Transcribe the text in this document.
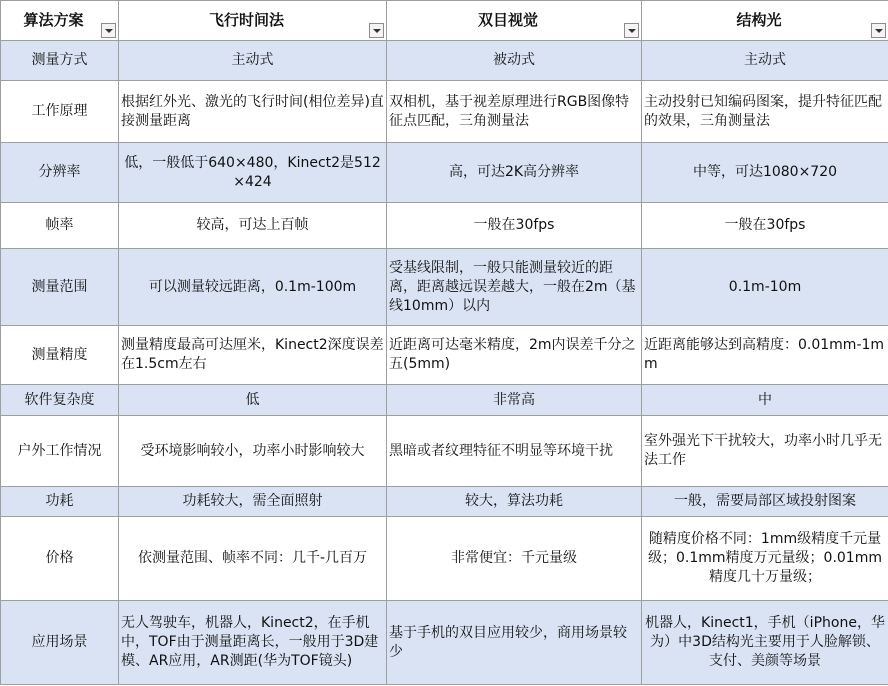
算法方案	飞行时间法	双目视觉	结构光

测量方式	主动式	被动式	主动式
工作原理	根据红外光、激光的飞行时间(相位差异)直接测量距离	双相机，基于视差原理进行RGB图像特征点匹配，三角测量法	主动投射已知编码图案，提升特征匹配的效果，三角测量法
分辨率	低，一般低于640×480，Kinect2是512×424	高，可达2K高分辨率	中等，可达1080×720
帧率	较高，可达上百帧	一般在30fps	一般在30fps
测量范围	可以测量较远距离，0.1m-100m	受基线限制，一般只能测量较近的距离，距离越远误差越大，一般在2m（基线10mm）以内	0.1m-10m
测量精度	测量精度最高可达厘米，Kinect2深度误差在1.5cm左右	近距离可达毫米精度，2m内误差千分之五(5mm)	近距离能够达到高精度：0.01mm-1mm
软件复杂度	低	非常高	中
户外工作情况	受环境影响较小，功率小时影响较大	黑暗或者纹理特征不明显等环境干扰	室外强光下干扰较大，功率小时几乎无法工作
功耗	功耗较大，需全面照射	较大，算法功耗	一般，需要局部区域投射图案
价格	依测量范围、帧率不同：几千-几百万	非常便宜：千元量级	随精度价格不同：1mm级精度千元量级；0.1mm精度万元量级；0.01mm精度几十万量级；
应用场景	无人驾驶车，机器人，Kinect2，在手机中，TOF由于测量距离长，一般用于3D建模、AR应用，AR测距(华为TOF镜头)	基于手机的双目应用较少，商用场景较少	机器人，Kinect1，手机（iPhone，华为）中3D结构光主要用于人脸解锁、支付、美颜等场景
